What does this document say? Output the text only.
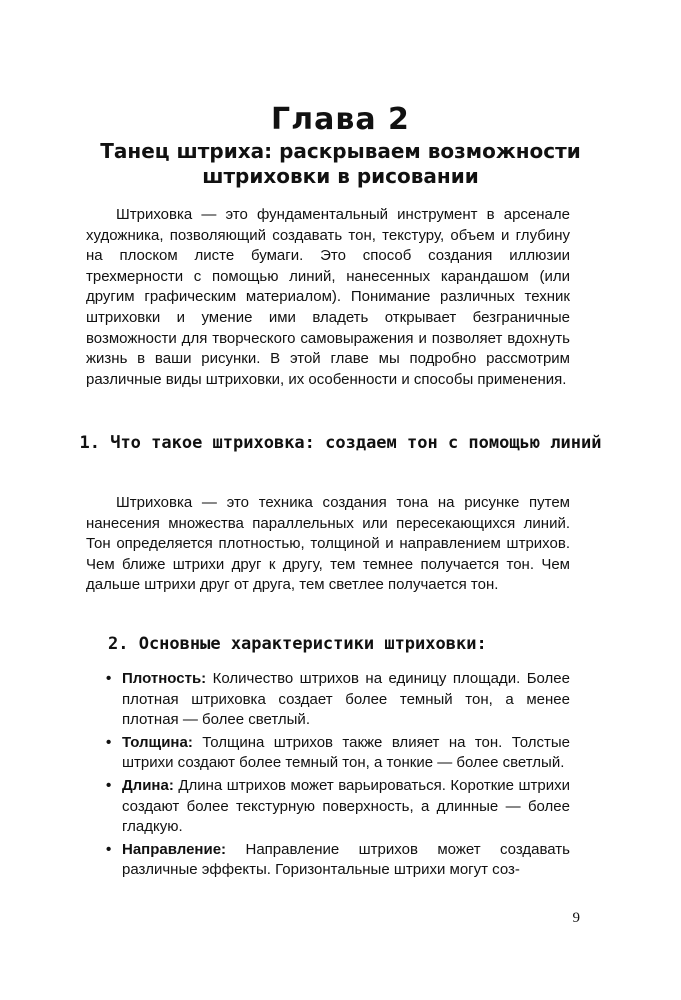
Глава 2
Танец штриха: раскрываем возможности штриховки в рисовании

Штриховка — это фундаментальный инструмент в арсенале художника, позволяющий создавать тон, текстуру, объем и глубину на плоском листе бумаги. Это способ создания иллюзии трехмерности с помощью линий, нанесенных карандашом (или другим графическим материалом). Понимание различных техник штриховки и умение ими владеть открывает безграничные возможности для творческого самовыражения и позволяет вдохнуть жизнь в ваши рисунки. В этой главе мы подробно рассмотрим различные виды штриховки, их особенности и способы применения.

1. Что такое штриховка: создаем тон с помощью линий

Штриховка — это техника создания тона на рисунке путем нанесения множества параллельных или пересекающихся линий. Тон определяется плотностью, толщиной и направлением штрихов. Чем ближе штрихи друг к другу, тем темнее получается тон. Чем дальше штрихи друг от друга, тем светлее получается тон.

2. Основные характеристики штриховки:
• Плотность: Количество штрихов на единицу площади. Более плотная штриховка создает более темный тон, а менее плотная — более светлый.
• Толщина: Толщина штрихов также влияет на тон. Толстые штрихи создают более темный тон, а тонкие — более светлый.
• Длина: Длина штрихов может варьироваться. Короткие штрихи создают более текстурную поверхность, а длинные — более гладкую.
• Направление: Направление штрихов может создавать различные эффекты. Горизонтальные штрихи могут соз-
9
